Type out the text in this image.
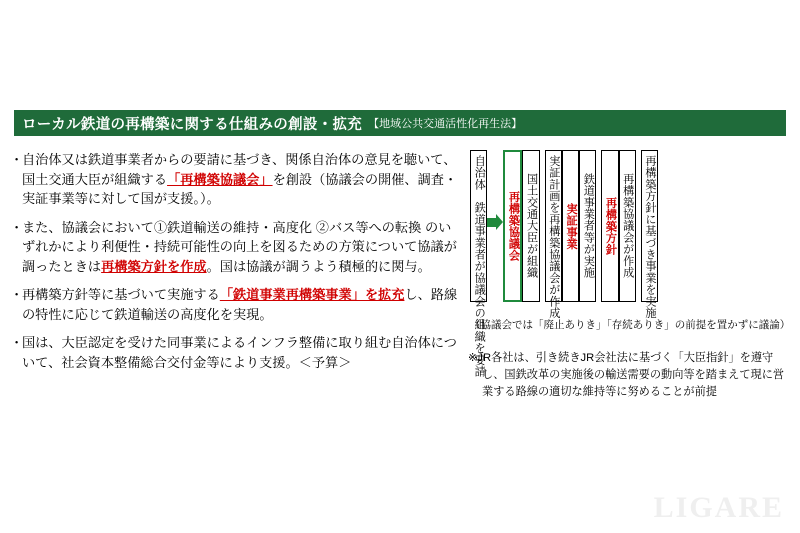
ローカル鉄道の再構築に関する仕組みの創設・拡充 【地域公共交通活性化再生法】
・
自治体又は鉄道事業者からの要請に基づき、関係自治体の意見を聴いて、国土交通大臣が組織する「再構築協議会」を創設（協議会の開催、調査・実証事業等に対して国が支援。）。
・
また、協議会において①鉄道輸送の維持・高度化 ②バス等への転換 のいずれかにより利便性・持続可能性の向上を図るための方策について協議が調ったときは再構築方針を作成。国は協議が調うよう積極的に関与。
・
再構築方針等に基づいて実施する「鉄道事業再構築事業」を拡充し、路線の特性に応じて鉄道輸送の高度化を実現。
・
国は、大臣認定を受けた同事業によるインフラ整備に取り組む自治体について、社会資本整備総合交付金等により支援。＜予算＞	自治体　鉄道事業者が協議会の組織を要請 再構築協議会 国土交通大臣が組織 実証計画を再構築協議会が作成 実証事業 鉄道事業者等が実施 再構築方針 再構築協議会が作成 再構築方針に基づき事業を実施
（協議会では「廃止ありき」「存続ありき」の前提を置かずに議論）
※JR各社は、引き続きJR会社法に基づく「大臣指針」を遵守し、国鉄改革の実施後の輸送需要の動向等を踏まえて現に営業する路線の適切な維持等に努めることが前提
LIGARE
